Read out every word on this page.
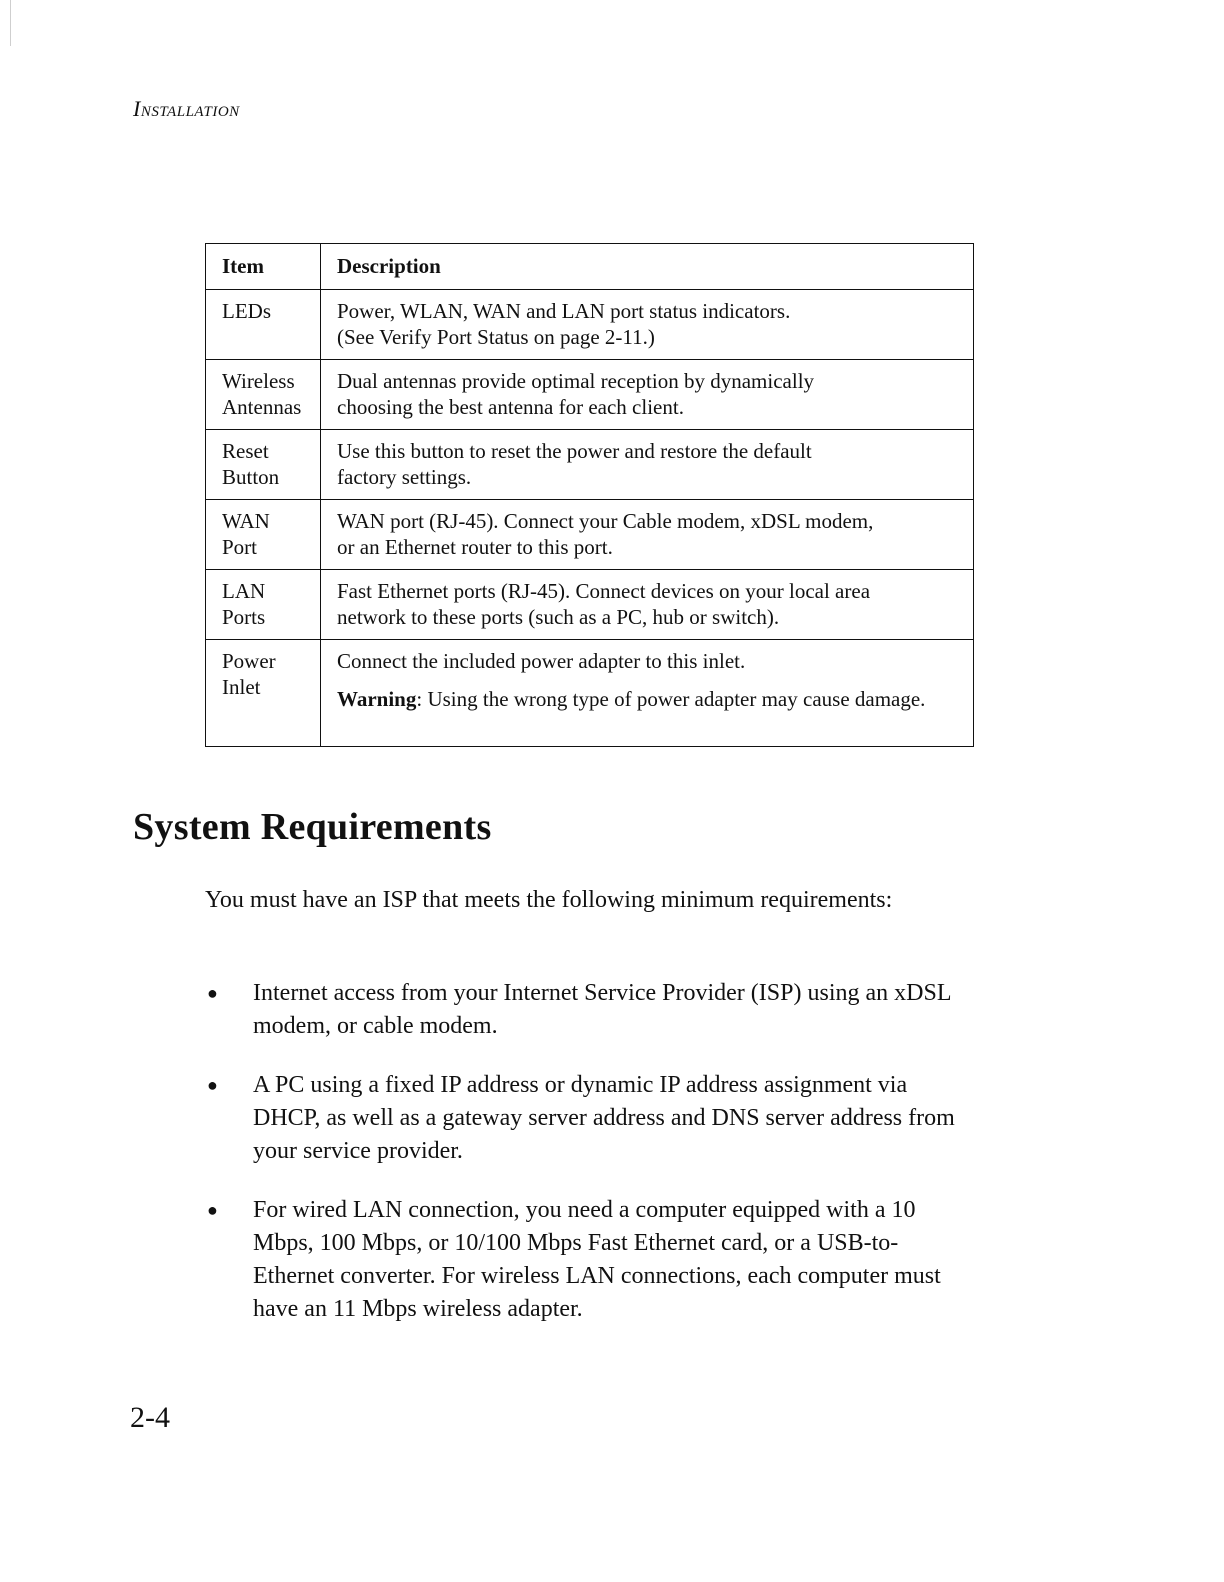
Installation
Item	Description
LEDs	Power, WLAN, WAN and LAN port status indicators.
(See Verify Port Status on page 2-11.)

Wireless Antennas	Dual antennas provide optimal reception by dynamically
choosing the best antenna for each client.

Reset Button	Use this button to reset the power and restore the default
factory settings.

WAN Port	WAN port (RJ-45). Connect your Cable modem, xDSL modem,
or an Ethernet router to this port.

LAN Ports	Fast Ethernet ports (RJ-45). Connect devices on your local area
network to these ports (such as a PC, hub or switch).

Power Inlet	Connect the included power adapter to this inlet.
Warning: Using the wrong type of power adapter may cause damage.
System Requirements

You must have an ISP that meets the following minimum requirements:

● Internet access from your Internet Service Provider (ISP) using an xDSL modem, or cable modem.
● A PC using a fixed IP address or dynamic IP address assignment via DHCP, as well as a gateway server address and DNS server address from your service provider.
● For wired LAN connection, you need a computer equipped with a 10 Mbps, 100 Mbps, or 10/100 Mbps Fast Ethernet card, or a USB-to-Ethernet converter. For wireless LAN connections, each computer must have an 11 Mbps wireless adapter.
2-4
